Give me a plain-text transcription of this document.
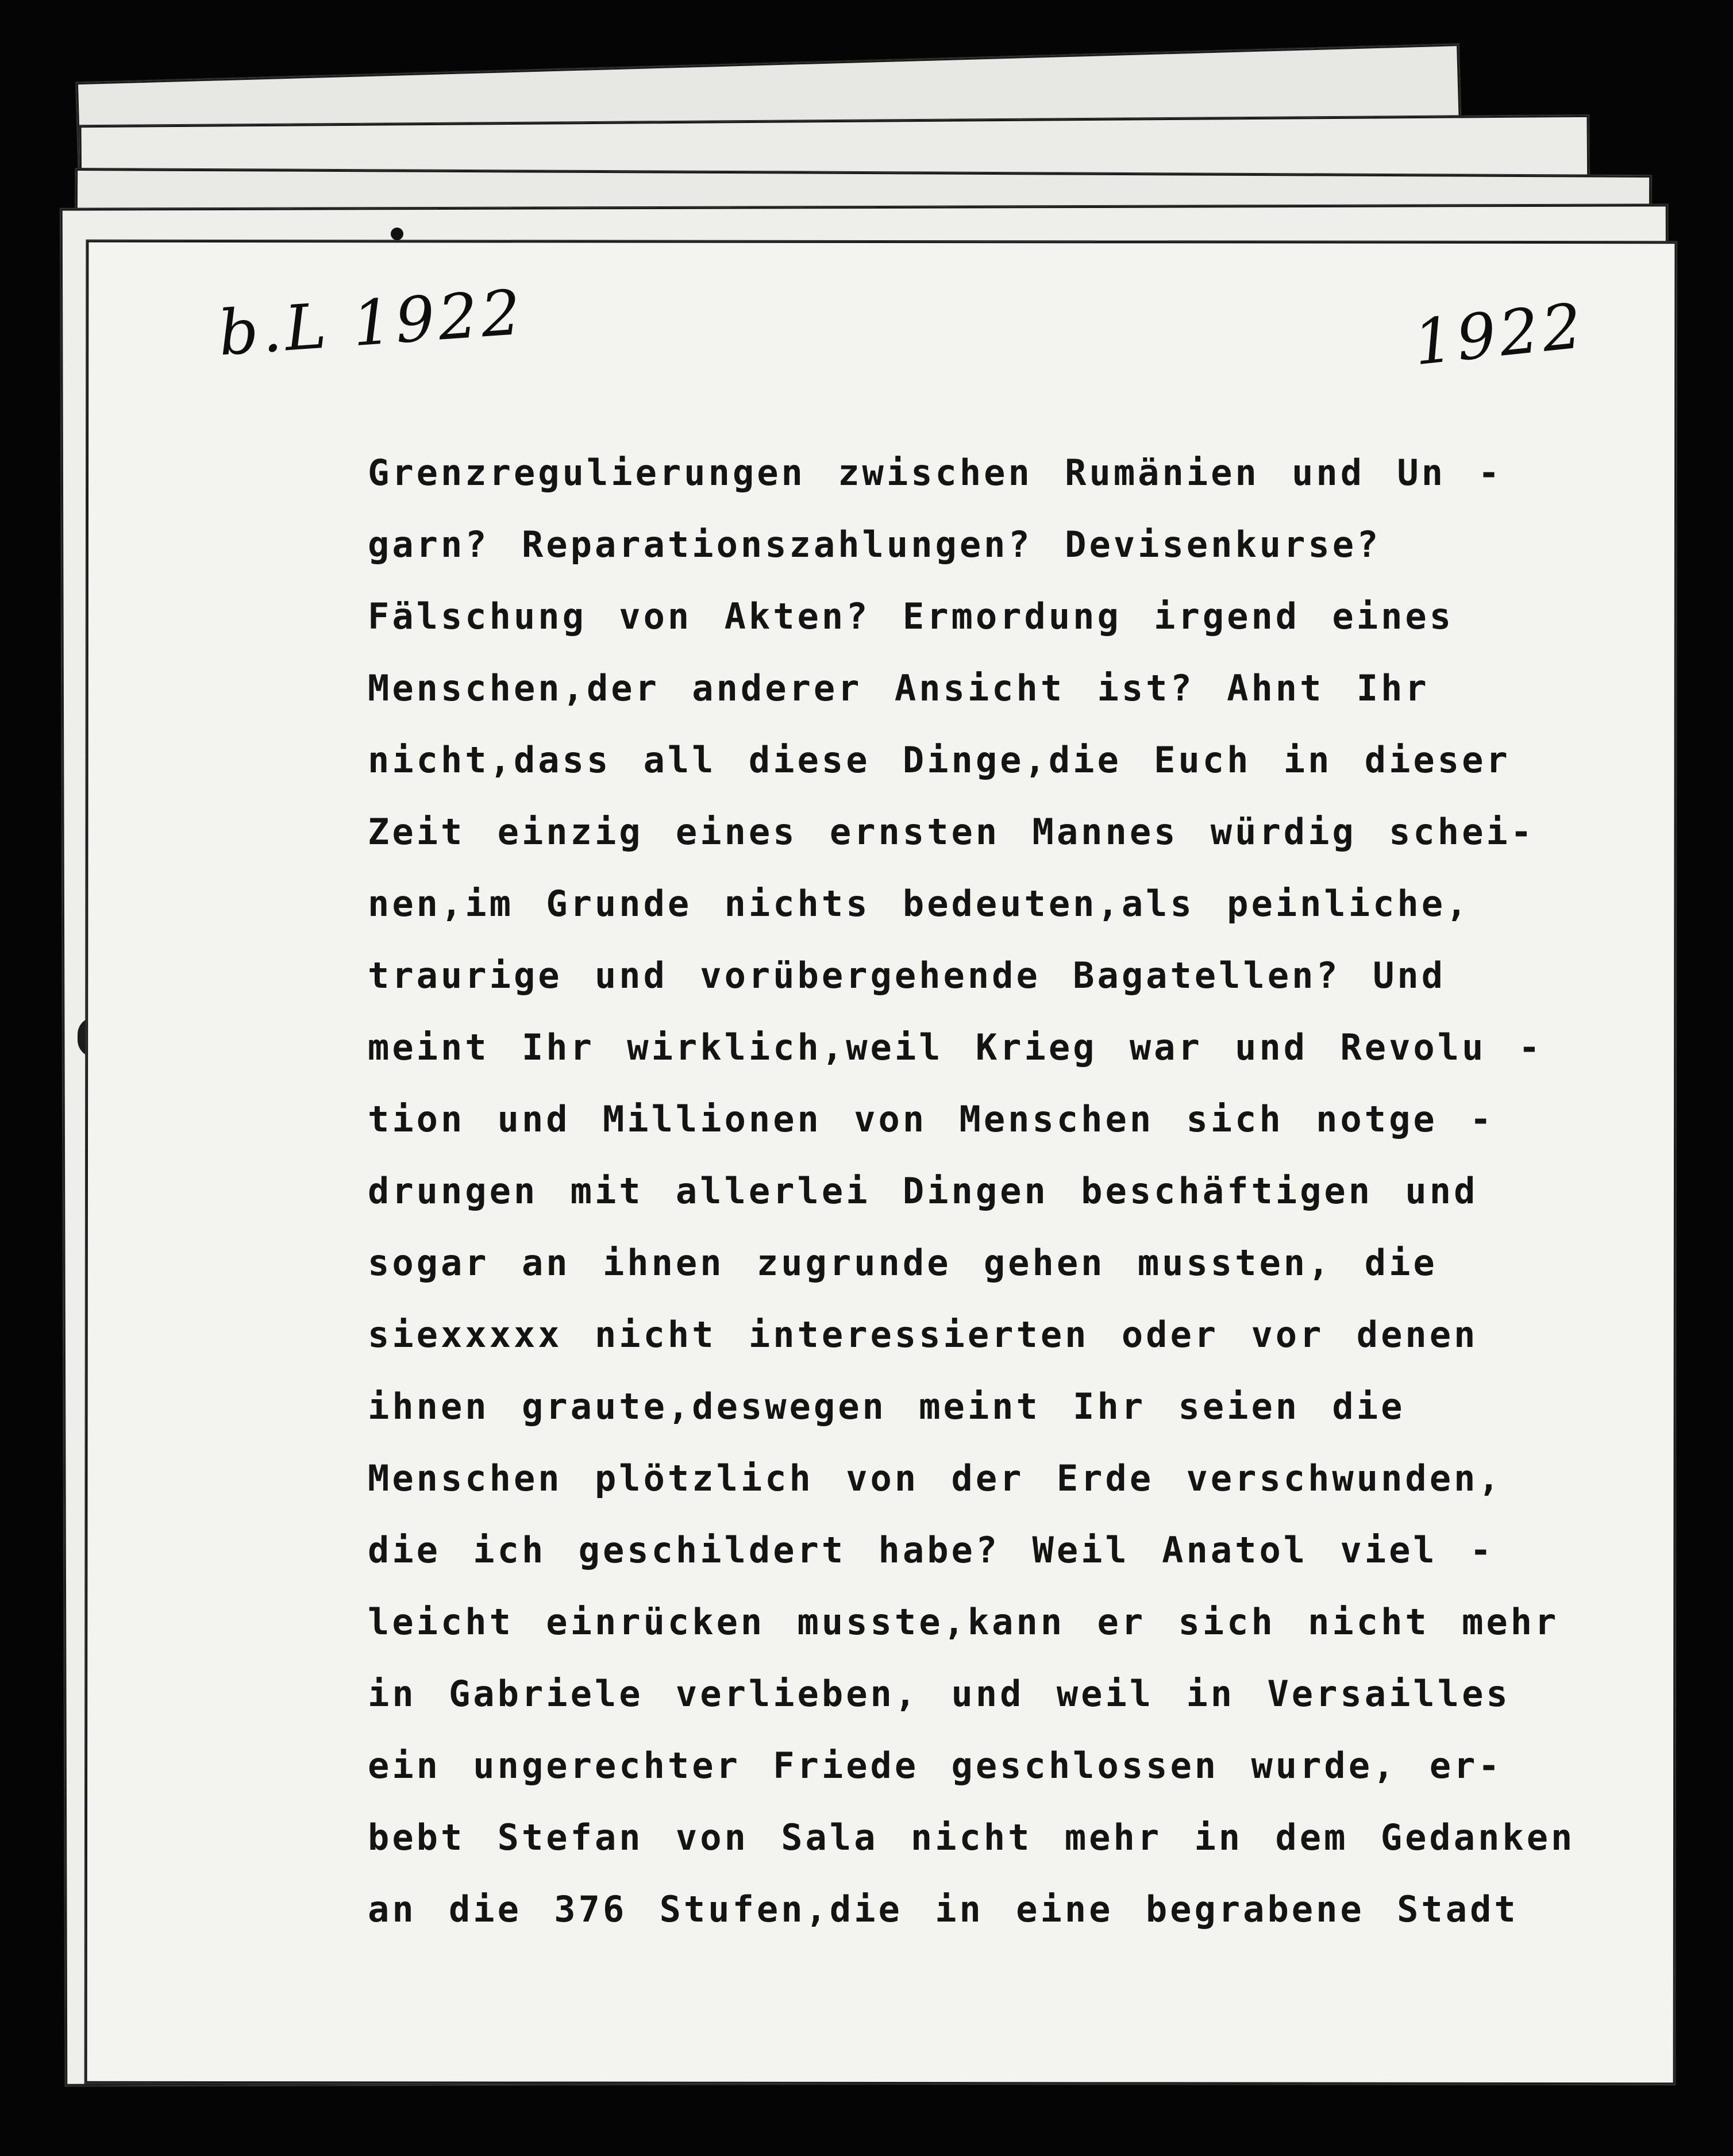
b.L 1922	1922
Grenzregulierungen zwischen Rumänien und Un -
garn? Reparationszahlungen? Devisenkurse?
Fälschung von Akten? Ermordung irgend eines
Menschen,der anderer Ansicht ist? Ahnt Ihr
nicht,dass all diese Dinge,die Euch in dieser
Zeit einzig eines ernsten Mannes würdig schei-
nen,im Grunde nichts bedeuten,als peinliche,
traurige und vorübergehende Bagatellen? Und
meint Ihr wirklich,weil Krieg war und Revolu -
tion und Millionen von Menschen sich notge -
drungen mit allerlei Dingen beschäftigen und
sogar an ihnen zugrunde gehen mussten, die
siexxxxx nicht interessierten oder vor denen
ihnen graute,deswegen meint Ihr seien die
Menschen plötzlich von der Erde verschwunden,
die ich geschildert habe? Weil Anatol viel -
leicht einrücken musste,kann er sich nicht mehr
in Gabriele verlieben, und weil in Versailles
ein ungerechter Friede geschlossen wurde, er-
bebt Stefan von Sala nicht mehr in dem Gedanken
an die 376 Stufen,die in eine begrabene Stadt
